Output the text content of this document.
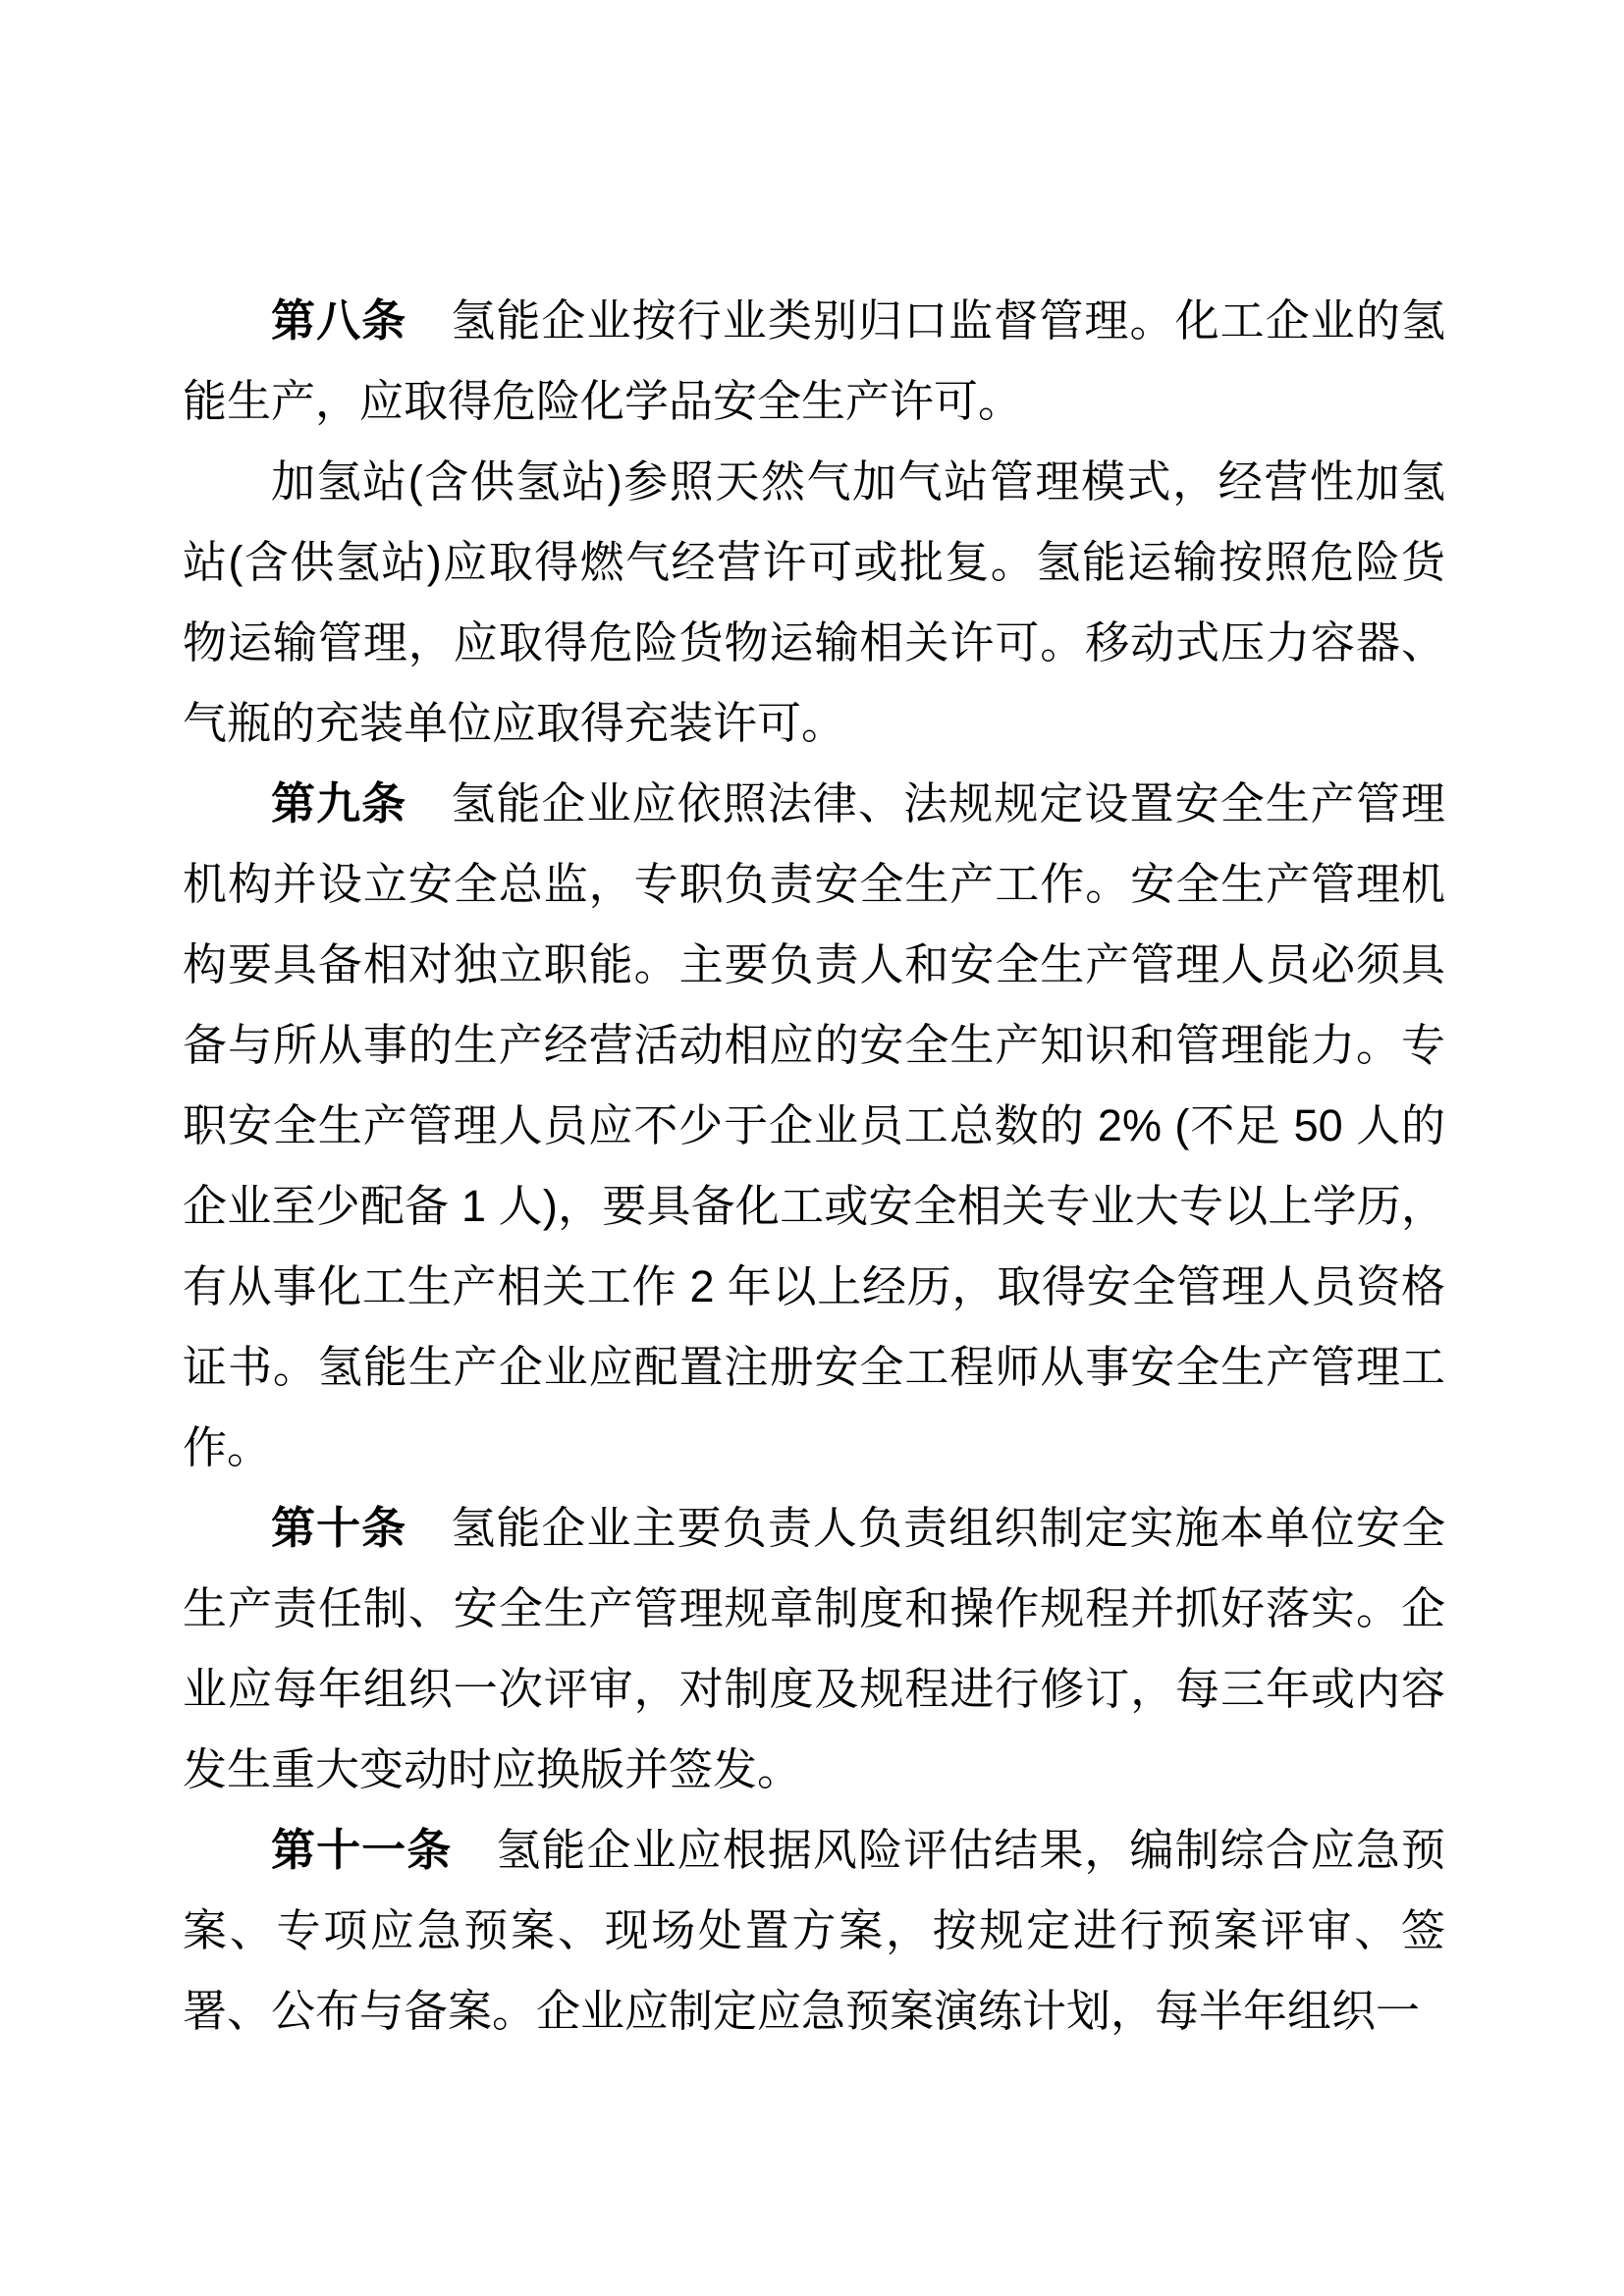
第八条 氢能企业按行业类别归口监督管理。化工企业的氢能生产，应取得危险化学品安全生产许可。

加氢站(含供氢站)参照天然气加气站管理模式，经营性加氢站(含供氢站)应取得燃气经营许可或批复。氢能运输按照危险货物运输管理，应取得危险货物运输相关许可。移动式压力容器、气瓶的充装单位应取得充装许可。

第九条 氢能企业应依照法律、法规规定设置安全生产管理机构并设立安全总监，专职负责安全生产工作。安全生产管理机构要具备相对独立职能。主要负责人和安全生产管理人员必须具备与所从事的生产经营活动相应的安全生产知识和管理能力。专职安全生产管理人员应不少于企业员工总数的 2% (不足 50 人的企业至少配备 1 人)，要具备化工或安全相关专业大专以上学历，有从事化工生产相关工作 2 年以上经历，取得安全管理人员资格证书。氢能生产企业应配置注册安全工程师从事安全生产管理工作。

第十条 氢能企业主要负责人负责组织制定实施本单位安全生产责任制、安全生产管理规章制度和操作规程并抓好落实。企业应每年组织一次评审，对制度及规程进行修订，每三年或内容发生重大变动时应换版并签发。

第十一条 氢能企业应根据风险评估结果，编制综合应急预案、专项应急预案、现场处置方案，按规定进行预案评审、签署、公布与备案。企业应制定应急预案演练计划，每半年组织一
